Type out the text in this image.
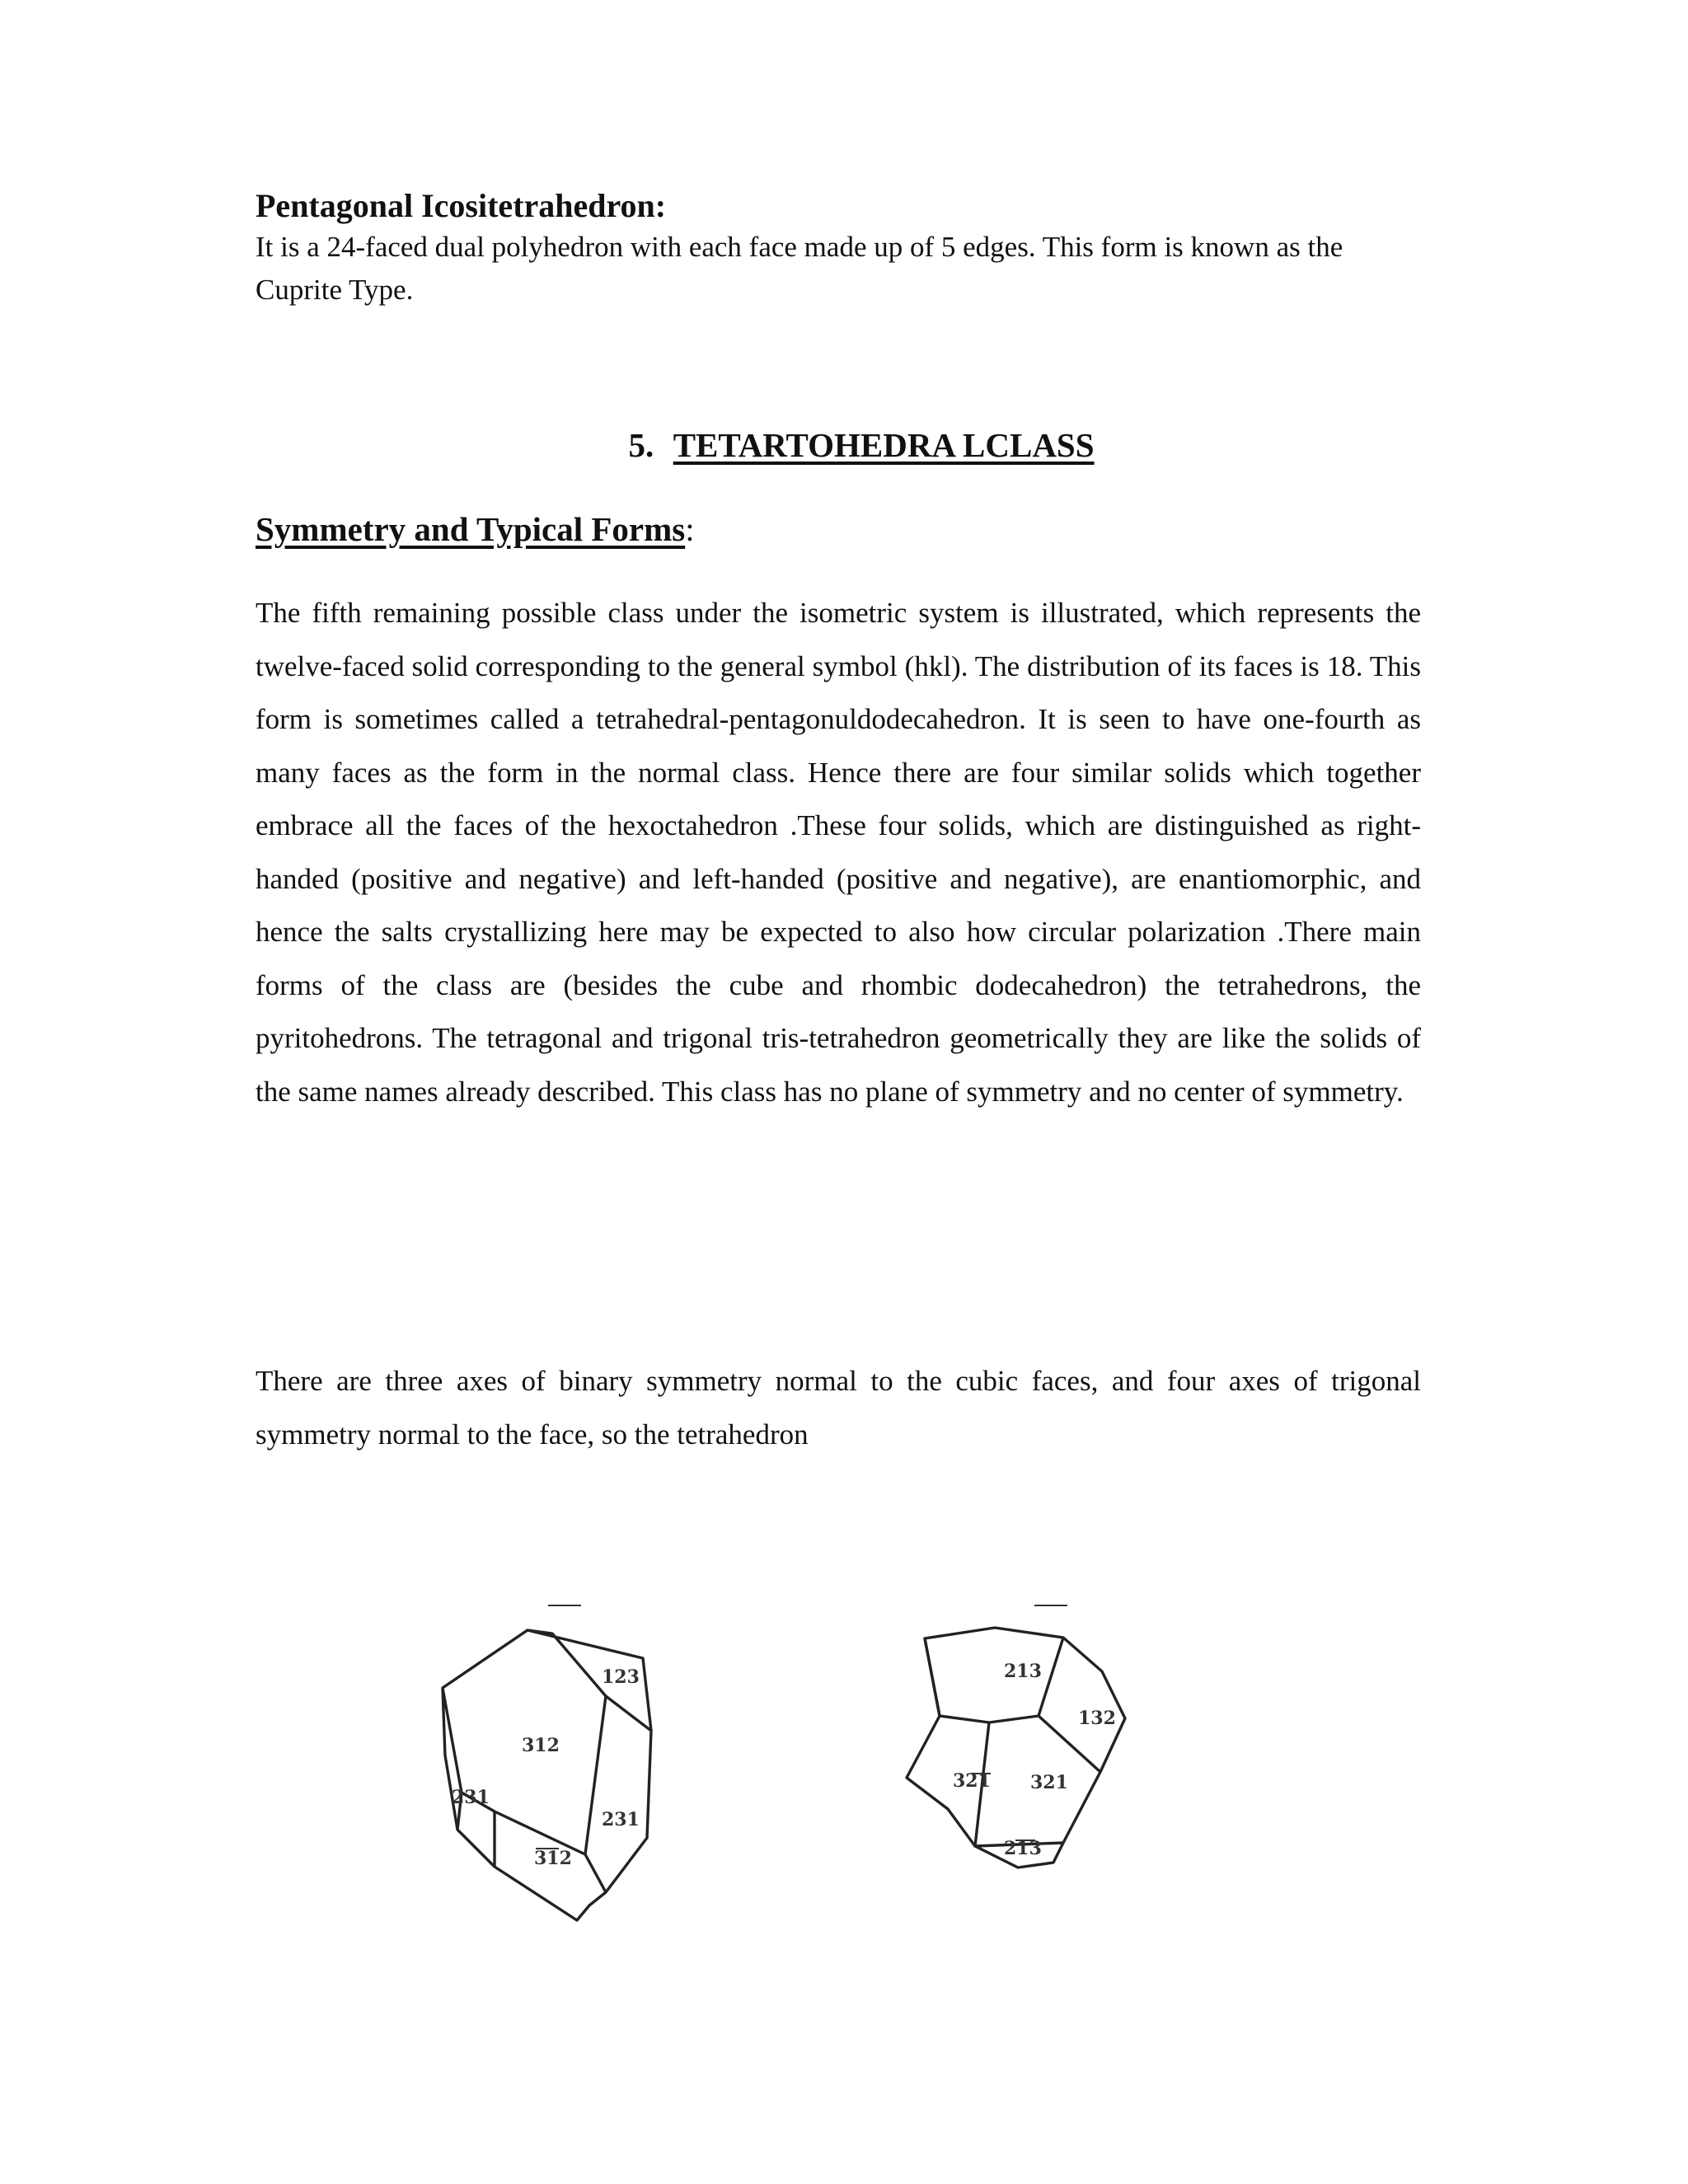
Pentagonal Icositetrahedron:

It is a 24-faced dual polyhedron with each face made up of 5 edges. This form is known as the Cuprite Type.

5. TETARTOHEDRA LCLASS
Symmetry and Typical Forms:

The fifth remaining possible class under the isometric system is illustrated, which represents the twelve-faced solid corresponding to the general symbol (hkl). The distribution of its faces is 18. This form is sometimes called a tetrahedral-pentagonuldodecahedron. It is seen to have one-fourth as many faces as the form in the normal class. Hence there are four similar solids which together embrace all the faces of the hexoctahedron .These four solids, which are distinguished as right-handed (positive and negative) and left-handed (positive and negative), are enantiomorphic, and hence the salts crystallizing here may be expected to also how circular polarization .There main forms of the class are (besides the cube and rhombic dodecahedron) the tetrahedrons, the pyritohedrons. The tetragonal and trigonal tris-tetrahedron geometrically they are like the solids of the same names already described. This class has no plane of symmetry and no center of symmetry.

There are three axes of binary symmetry normal to the cubic faces, and four axes of trigonal symmetry normal to the face, so the tetrahedron

123
312
231
231
312
213
132
321 321
213
